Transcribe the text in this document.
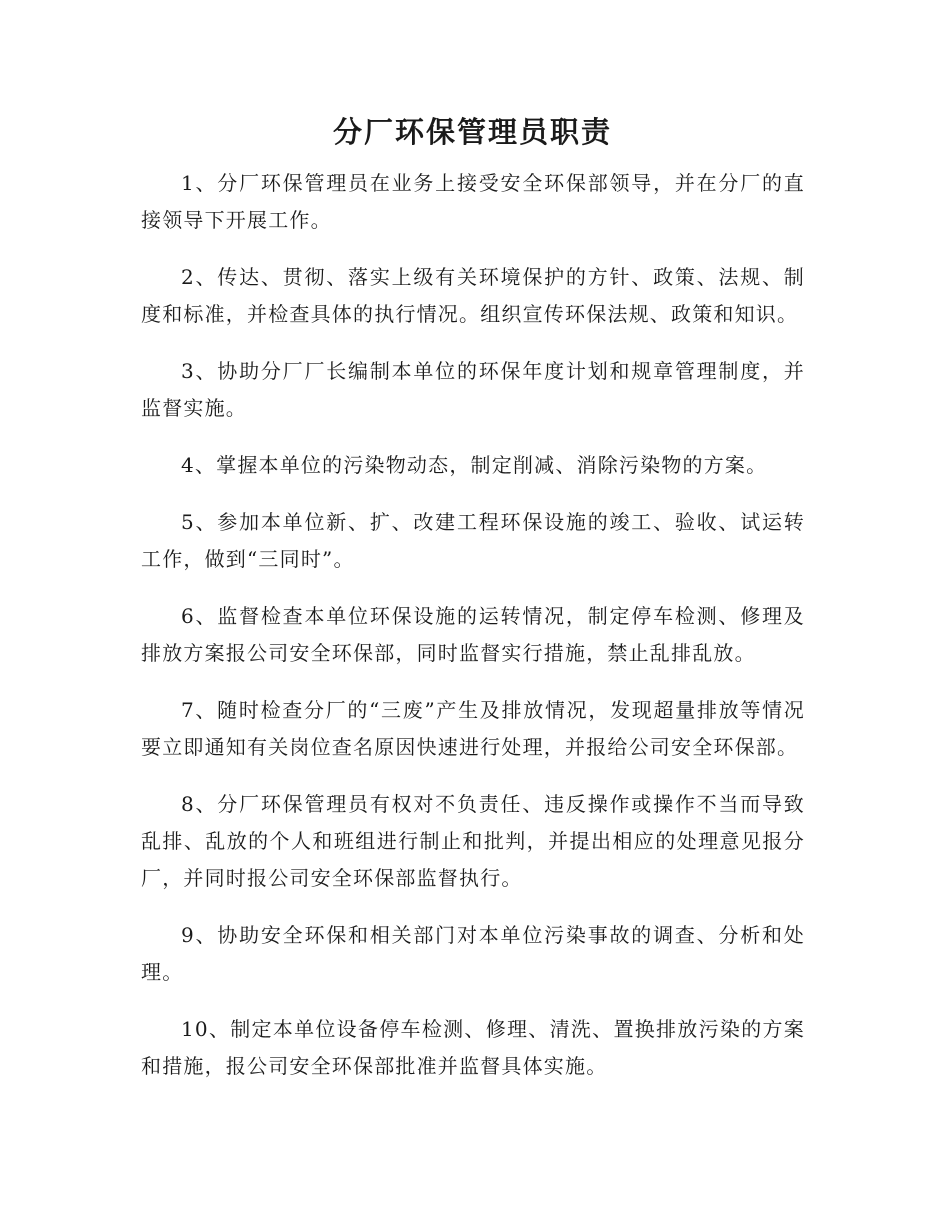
分厂环保管理员职责

1、分厂环保管理员在业务上接受安全环保部领导，并在分厂的直接领导下开展工作。

2、传达、贯彻、落实上级有关环境保护的方针、政策、法规、制度和标准，并检查具体的执行情况。组织宣传环保法规、政策和知识。

3、协助分厂厂长编制本单位的环保年度计划和规章管理制度，并监督实施。

4、掌握本单位的污染物动态，制定削减、消除污染物的方案。

5、参加本单位新、扩、改建工程环保设施的竣工、验收、试运转工作，做到“三同时”。

6、监督检查本单位环保设施的运转情况，制定停车检测、修理及排放方案报公司安全环保部，同时监督实行措施，禁止乱排乱放。

7、随时检查分厂的“三废”产生及排放情况，发现超量排放等情况要立即通知有关岗位查名原因快速进行处理，并报给公司安全环保部。

8、分厂环保管理员有权对不负责任、违反操作或操作不当而导致乱排、乱放的个人和班组进行制止和批判，并提出相应的处理意见报分厂，并同时报公司安全环保部监督执行。

9、协助安全环保和相关部门对本单位污染事故的调查、分析和处理。

10、制定本单位设备停车检测、修理、清洗、置换排放污染的方案和措施，报公司安全环保部批准并监督具体实施。
